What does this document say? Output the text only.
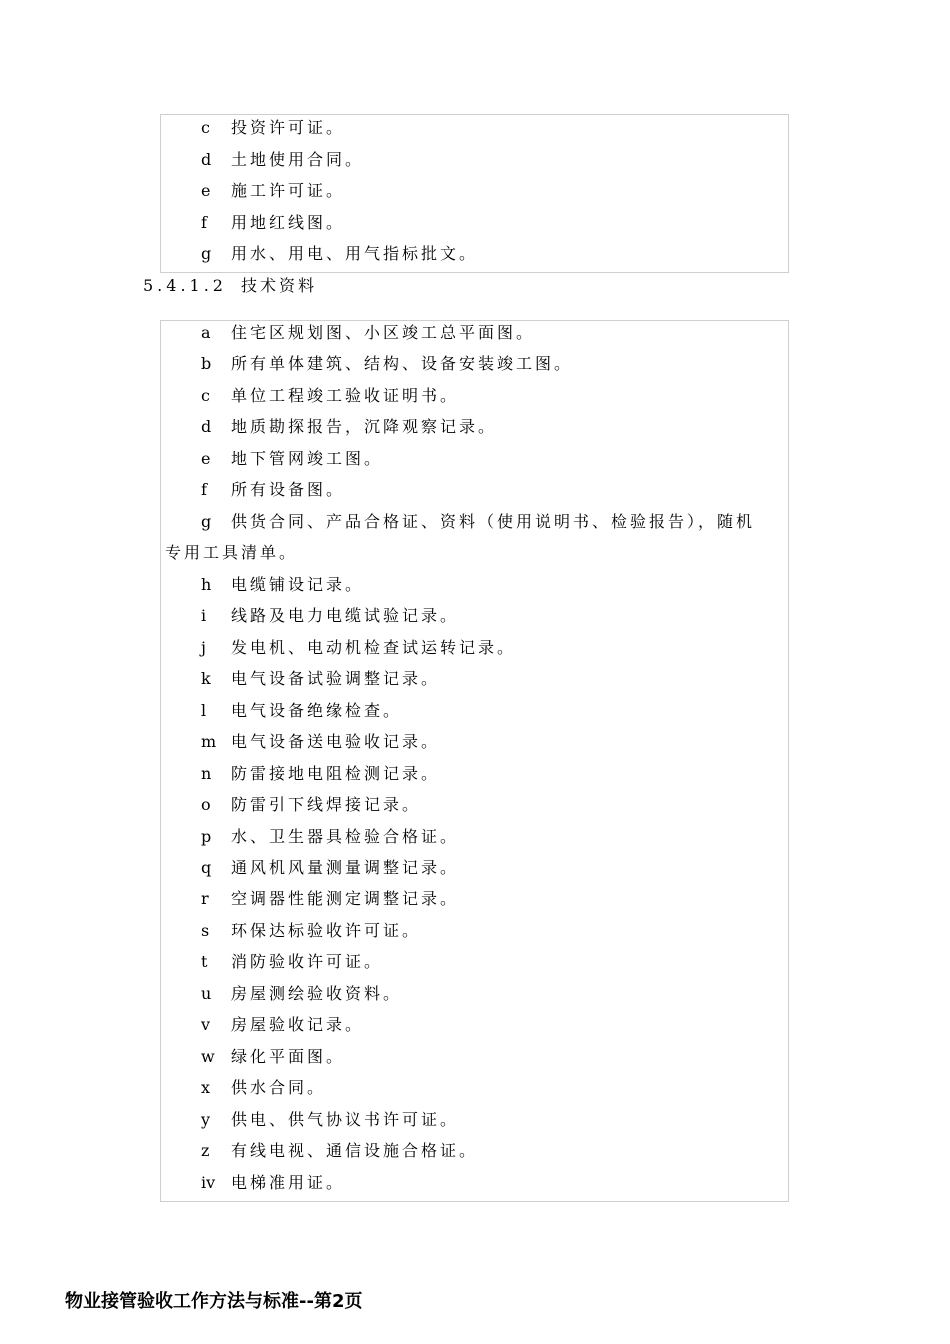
c 投资许可证。
d 土地使用合同。
e 施工许可证。
f 用地红线图。
g 用水、用电、用气指标批文。
5.4.1.2 技术资料
a 住宅区规划图、小区竣工总平面图。
b 所有单体建筑、结构、设备安装竣工图。
c 单位工程竣工验收证明书。
d 地质勘探报告，沉降观察记录。
e 地下管网竣工图。
f 所有设备图。
g 供货合同、产品合格证、资料（使用说明书、检验报告），随机
专用工具清单。
h 电缆铺设记录。
i 线路及电力电缆试验记录。
j 发电机、电动机检查试运转记录。
k 电气设备试验调整记录。
l 电气设备绝缘检查。
m 电气设备送电验收记录。
n 防雷接地电阻检测记录。
o 防雷引下线焊接记录。
p 水、卫生器具检验合格证。
q 通风机风量测量调整记录。
r 空调器性能测定调整记录。
s 环保达标验收许可证。
t 消防验收许可证。
u 房屋测绘验收资料。
v 房屋验收记录。
w 绿化平面图。
x 供水合同。
y 供电、供气协议书许可证。
z 有线电视、通信设施合格证。
iv 电梯准用证。
物业接管验收工作方法与标准--第2页
